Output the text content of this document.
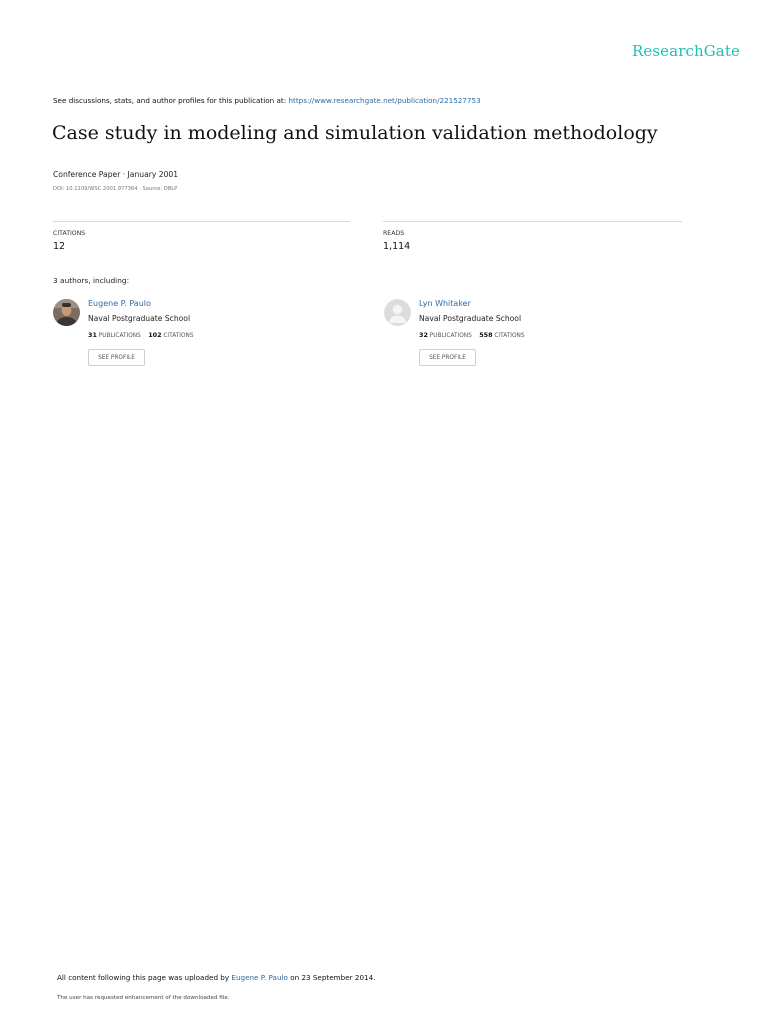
ResearchGate
See discussions, stats, and author profiles for this publication at: https://www.researchgate.net/publication/221527753
Case study in modeling and simulation validation methodology
Conference Paper · January 2001
DOI: 10.1109/WSC.2001.977364 · Source: DBLP
CITATIONS
12
READS
1,114
3 authors, including:
Eugene P. Paulo
Naval Postgraduate School
31 PUBLICATIONS 102 CITATIONS
SEE PROFILE
Lyn Whitaker
Naval Postgraduate School
32 PUBLICATIONS 558 CITATIONS
SEE PROFILE
All content following this page was uploaded by Eugene P. Paulo on 23 September 2014.
The user has requested enhancement of the downloaded file.
